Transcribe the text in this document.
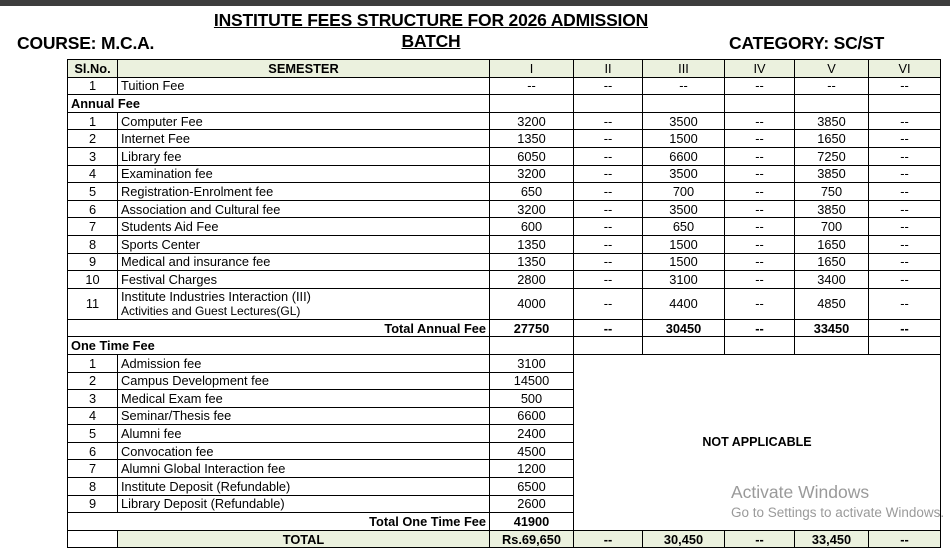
INSTITUTE FEES STRUCTURE FOR 2026 ADMISSION BATCH
COURSE: M.C.A.	CATEGORY: SC/ST
Sl.No.	SEMESTER	I	II	III	IV	V	VI
1	Tuition Fee	--	--	--	--	--	--
Annual Fee							
1	Computer Fee	3200	--	3500	--	3850	--
2	Internet Fee	1350	--	1500	--	1650	--
3	Library fee	6050	--	6600	--	7250	--
4	Examination fee	3200	--	3500	--	3850	--
5	Registration-Enrolment fee	650	--	700	--	750	--
6	Association and Cultural fee	3200	--	3500	--	3850	--
7	Students Aid Fee	600	--	650	--	700	--
8	Sports Center	1350	--	1500	--	1650	--
9	Medical and insurance fee	1350	--	1500	--	1650	--
10	Festival Charges	2800	--	3100	--	3400	--
11	Institute Industries Interaction (III)
Activities and Guest Lectures(GL)	4000	--	4400	--	4850	--
Total Annual Fee		27750	--	30450	--	33450	--
One Time Fee							
1	Admission fee	3100	NOT APPLICABLE				
2	Campus Development fee	14500					
3	Medical Exam fee	500					
4	Seminar/Thesis fee	6600					
5	Alumni fee	2400					
6	Convocation fee	4500					
7	Alumni Global Interaction fee	1200					
8	Institute Deposit (Refundable)	6500					
9	Library Deposit (Refundable)	2600					
Total One Time Fee		41900					
	TOTAL	Rs.69,650	--	30,450	--	33,450	--
Activate Windows
Go to Settings to activate Windows.
